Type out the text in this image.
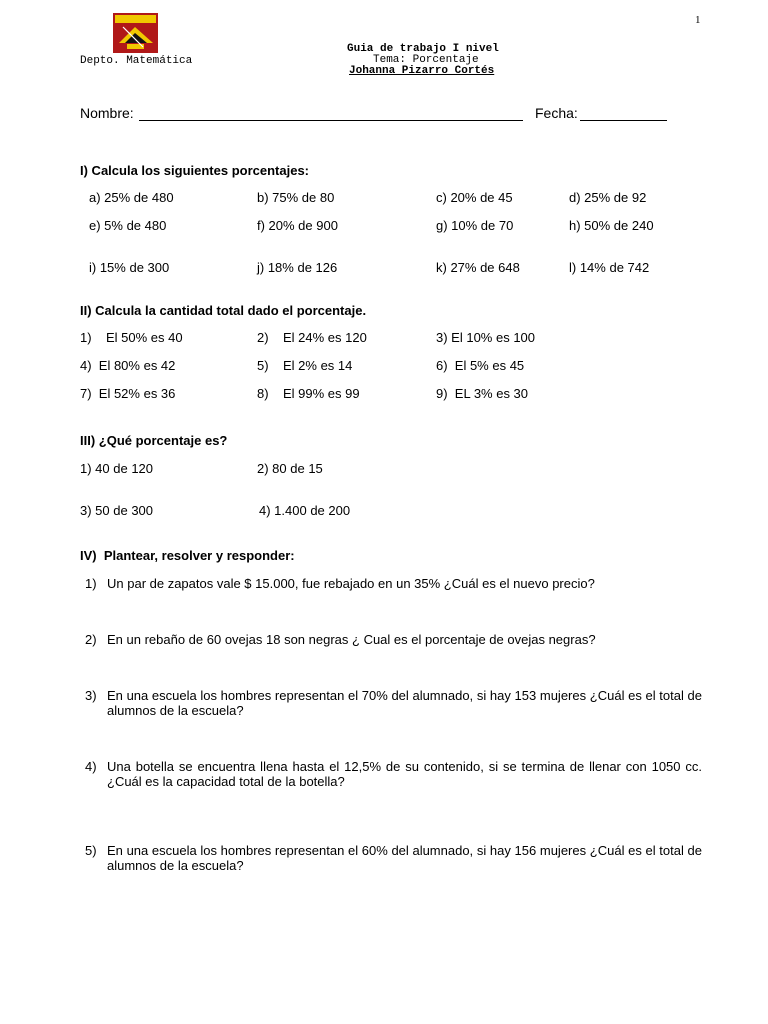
1
Depto. Matemática
Guia de trabajo I nivel
Tema: Porcentaje
Johanna Pizarro Cortés
Nombre:	Fecha:
I) Calcula los siguientes porcentajes:
a) 25% de 480	b) 75% de 80	c) 20% de 45	d) 25% de 92
e) 5% de 480	f) 20% de 900	g) 10% de 70	h) 50% de 240
i) 15% de 300	j) 18% de 126	k) 27% de 648	l) 14% de 742
II) Calcula la cantidad total dado el porcentaje.
1)    El 50% es 40	2)    El 24% es 120	3) El 10% es 100
4)  El 80% es 42	5)    El 2% es 14	6)  El 5% es 45
7)  El 52% es 36	8)    El 99% es 99	9)  EL 3% es 30
III) ¿Qué porcentaje es?
1) 40 de 120	2) 80 de 15
3) 50 de 300	4) 1.400 de 200
IV)  Plantear, resolver y responder:
1) Un par de zapatos vale $ 15.000, fue rebajado en un 35% ¿Cuál es el nuevo precio?
2) En un rebaño de 60 ovejas 18 son negras ¿ Cual es el porcentaje de ovejas negras?
3) En una escuela los hombres representan el 70% del alumnado, si hay 153 mujeres ¿Cuál es el total de alumnos de la escuela?
4) Una botella se encuentra llena hasta el 12,5% de su contenido, si se termina de llenar con 1050 cc. ¿Cuál es la capacidad total de la botella?
5) En una escuela los hombres representan el 60% del alumnado, si hay 156 mujeres ¿Cuál es el total de alumnos de la escuela?
